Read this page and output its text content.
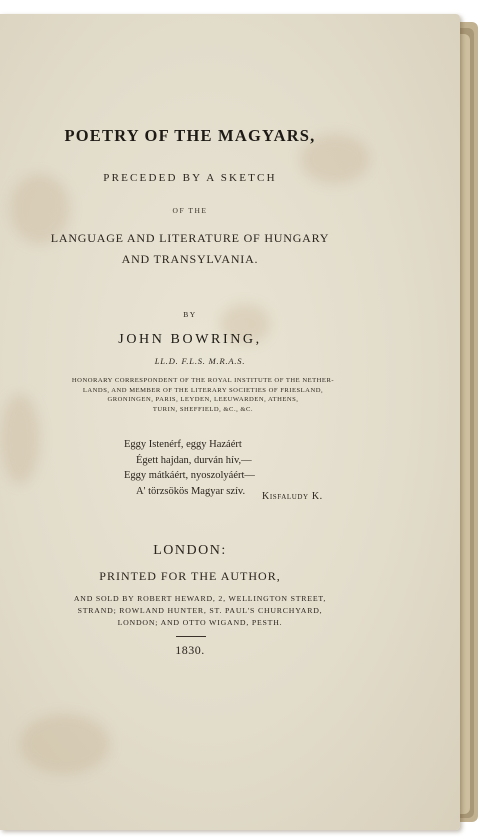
POETRY OF THE MAGYARS,
PRECEDED BY A SKETCH
OF THE
LANGUAGE AND LITERATURE OF HUNGARY
AND TRANSYLVANIA.
BY
JOHN BOWRING,
LL.D. F.L.S. M.R.A.S.
HONORARY CORRESPONDENT OF THE ROYAL INSTITUTE OF THE NETHER-
LANDS, AND MEMBER OF THE LITERARY SOCIETIES OF FRIESLAND,
GRONINGEN, PARIS, LEYDEN, LEEUWARDEN, ATHENS,
TURIN, SHEFFIELD, &C., &C.
Eggy Istenérf, eggy Hazáért
Égett hajdan, durván hív,—
Eggy mátkáért, nyoszolyáért—
A' törzsökös Magyar szív.	Kisfaludy K.
LONDON:
PRINTED FOR THE AUTHOR,
AND SOLD BY ROBERT HEWARD, 2, WELLINGTON STREET,
STRAND; ROWLAND HUNTER, ST. PAUL'S CHURCHYARD,
LONDON; AND OTTO WIGAND, PESTH.
1830.
